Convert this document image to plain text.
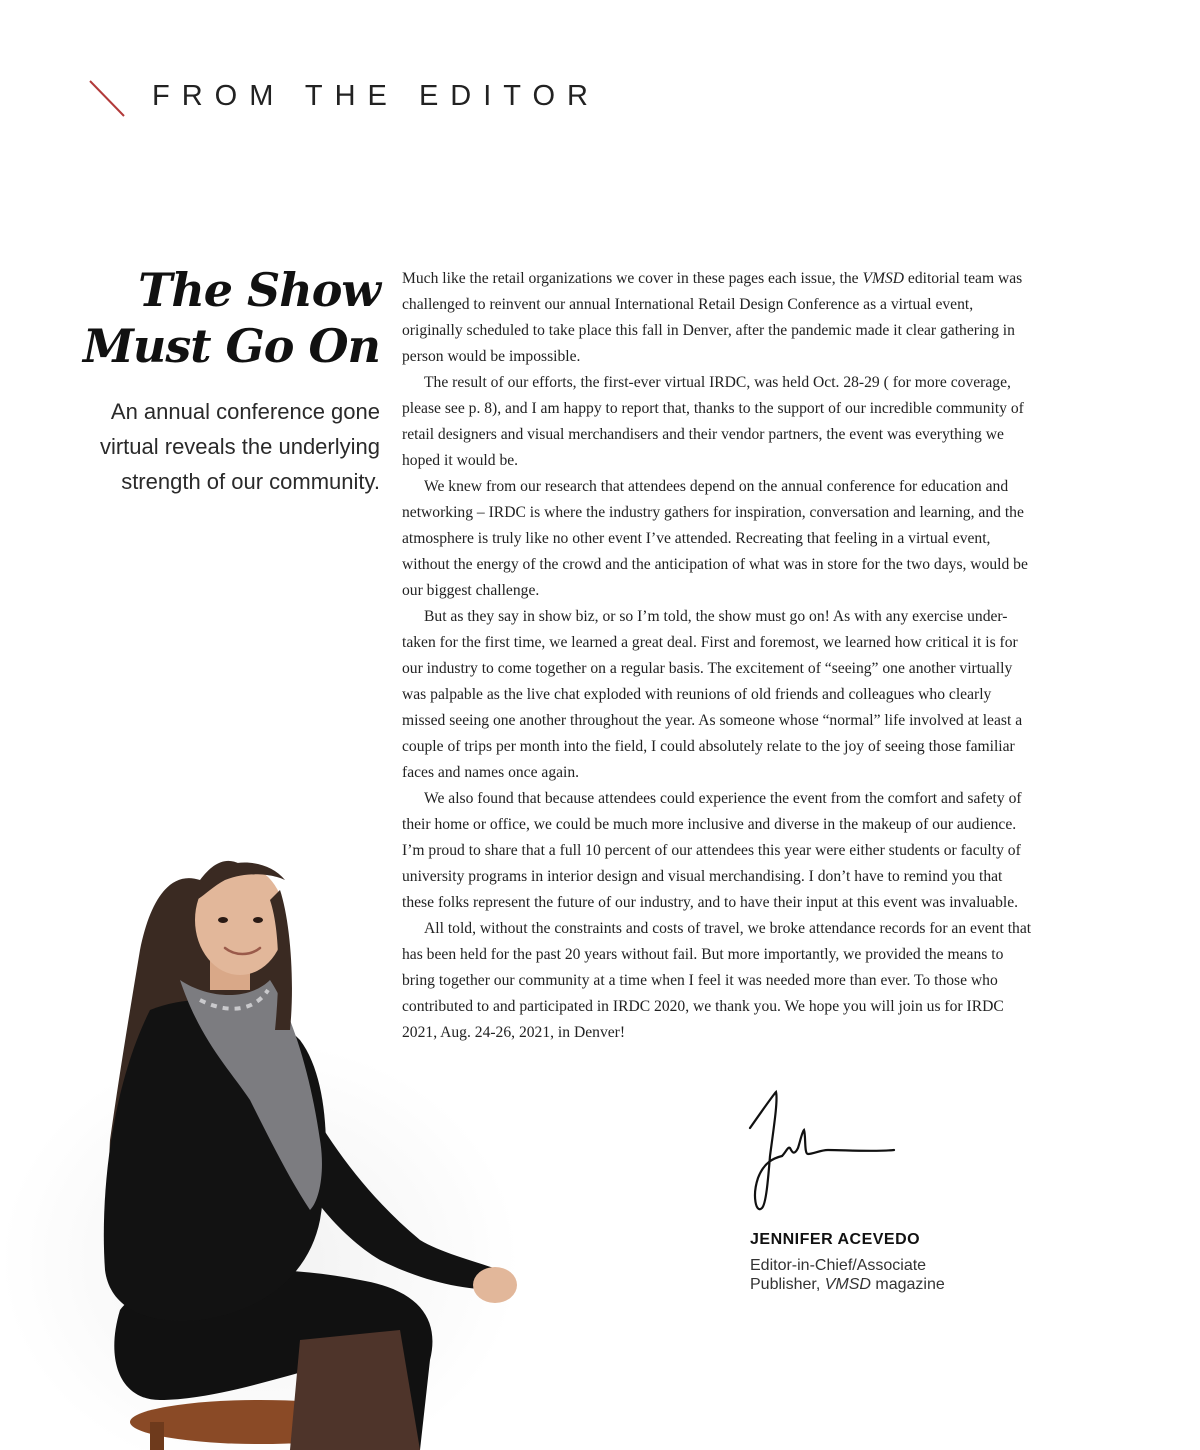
FROM THE EDITOR
The Show
Must Go On
An annual conference gone virtual reveals the underlying strength of our community.

Much like the retail organizations we cover in these pages each issue, the VMSD editorial team was challenged to reinvent our annual International Retail Design Conference as a virtual event, originally scheduled to take place this fall in Denver, after the pandemic made it clear gathering in person would be impossible.

The result of our efforts, the first-ever virtual IRDC, was held Oct. 28-29 ( for more coverage, please see p. 8), and I am happy to report that, thanks to the support of our incredible community of retail designers and visual merchandisers and their vendor partners, the event was everything we hoped it would be.

We knew from our research that attendees depend on the annual conference for education and networking – IRDC is where the industry gathers for inspiration, conversation and learning, and the atmosphere is truly like no other event I’ve attended. Recreating that feeling in a virtual event, without the energy of the crowd and the anticipation of what was in store for the two days, would be our biggest challenge.

But as they say in show biz, or so I’m told, the show must go on! As with any exercise under-taken for the first time, we learned a great deal. First and foremost, we learned how critical it is for our industry to come together on a regular basis. The excitement of “seeing” one another virtually was palpable as the live chat exploded with reunions of old friends and colleagues who clearly missed seeing one another throughout the year. As someone whose “normal” life involved at least a couple of trips per month into the field, I could absolutely relate to the joy of seeing those familiar faces and names once again.

We also found that because attendees could experience the event from the comfort and safety of their home or office, we could be much more inclusive and diverse in the makeup of our audience. I’m proud to share that a full 10 percent of our attendees this year were either students or faculty of university programs in interior design and visual merchandising. I don’t have to remind you that these folks represent the future of our industry, and to have their input at this event was invaluable.

All told, without the constraints and costs of travel, we broke attendance records for an event that has been held for the past 20 years without fail. But more importantly, we provided the means to bring together our community at a time when I feel it was needed more than ever. To those who contributed to and participated in IRDC 2020, we thank you. We hope you will join us for IRDC 2021, Aug. 24-26, 2021, in Denver!

JENNIFER ACEVEDO
Editor-in-Chief/Associate Publisher, VMSD magazine
